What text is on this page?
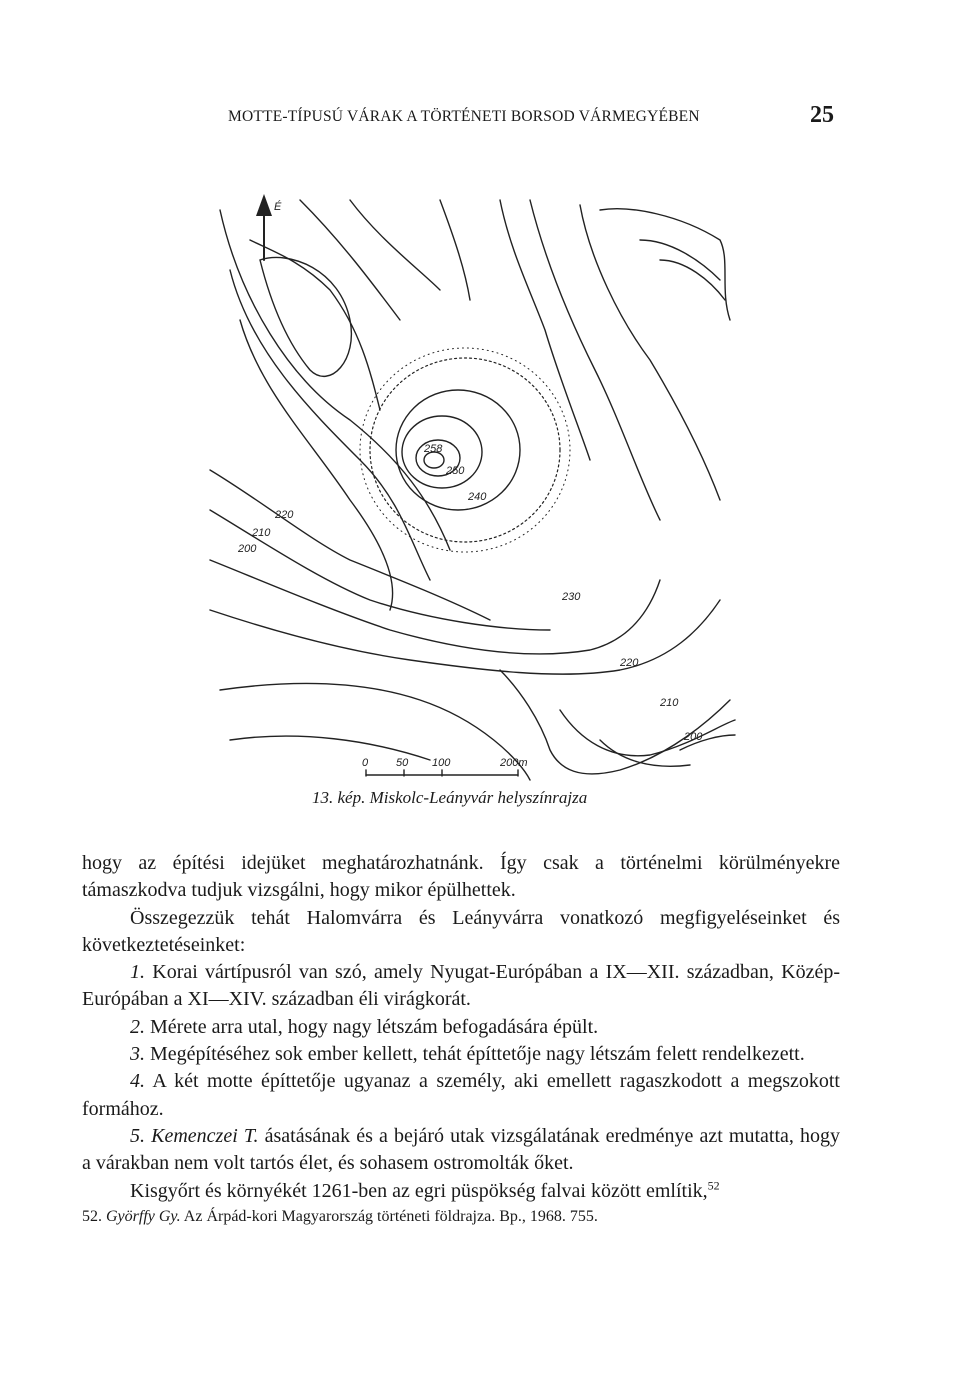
MOTTE-TÍPUSÚ VÁRAK A TÖRTÉNETI BORSOD VÁRMEGYÉBEN	25
É
258
250
240
230
220
210
200
220
210
200
0	50 100	200m
13. kép. Miskolc-Leányvár helyszínrajza

hogy az építési idejüket meghatározhatnánk. Így csak a történelmi körülményekre támaszkodva tudjuk vizsgálni, hogy mikor épülhettek.

Összegezzük tehát Halomvárra és Leányvárra vonatkozó megfigyeléseinket és következtetéseinket:

1. Korai vártípusról van szó, amely Nyugat-Európában a IX—XII. században, Közép-Európában a XI—XIV. században éli virágkorát.

2. Mérete arra utal, hogy nagy létszám befogadására épült.

3. Megépítéséhez sok ember kellett, tehát építtetője nagy létszám felett rendelkezett.

4. A két motte építtetője ugyanaz a személy, aki emellett ragaszkodott a megszokott formához.

5. Kemenczei T. ásatásának és a bejáró utak vizsgálatának eredménye azt mutatta, hogy a várakban nem volt tartós élet, és sohasem ostromolták őket.

Kisgyőrt és környékét 1261-ben az egri püspökség falvai között említik,$^{52}$

52. Györffy Gy. Az Árpád-kori Magyarország történeti földrajza. Bp., 1968. 755.
